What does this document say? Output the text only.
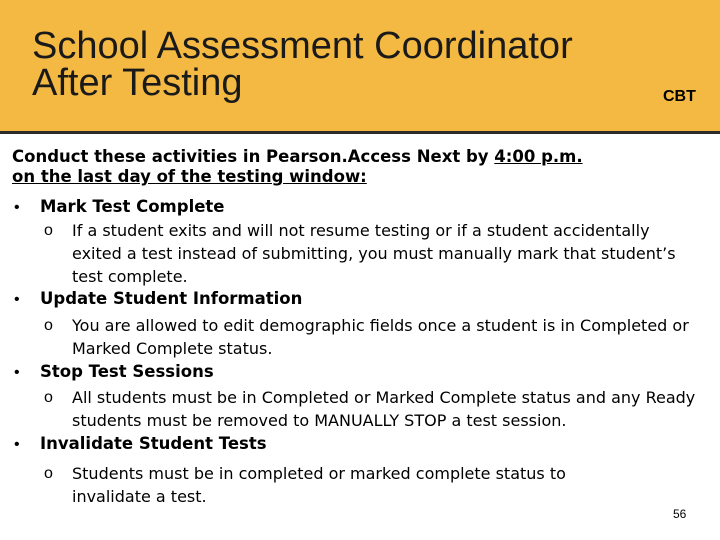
School Assessment Coordinator
After Testing	CBT
Conduct these activities in Pearson.Access Next by 4:00 p.m.
on the last day of the testing window:
• Mark Test Complete
o If a student exits and will not resume testing or if a student accidentally exited a test instead of submitting, you must manually mark that student’s test complete.
• Update Student Information
o You are allowed to edit demographic fields once a student is in Completed or Marked Complete status.
• Stop Test Sessions
o All students must be in Completed or Marked Complete status and any Ready students must be removed to MANUALLY STOP a test session.
• Invalidate Student Tests
o Students must be in completed or marked complete status to invalidate a test.
56
